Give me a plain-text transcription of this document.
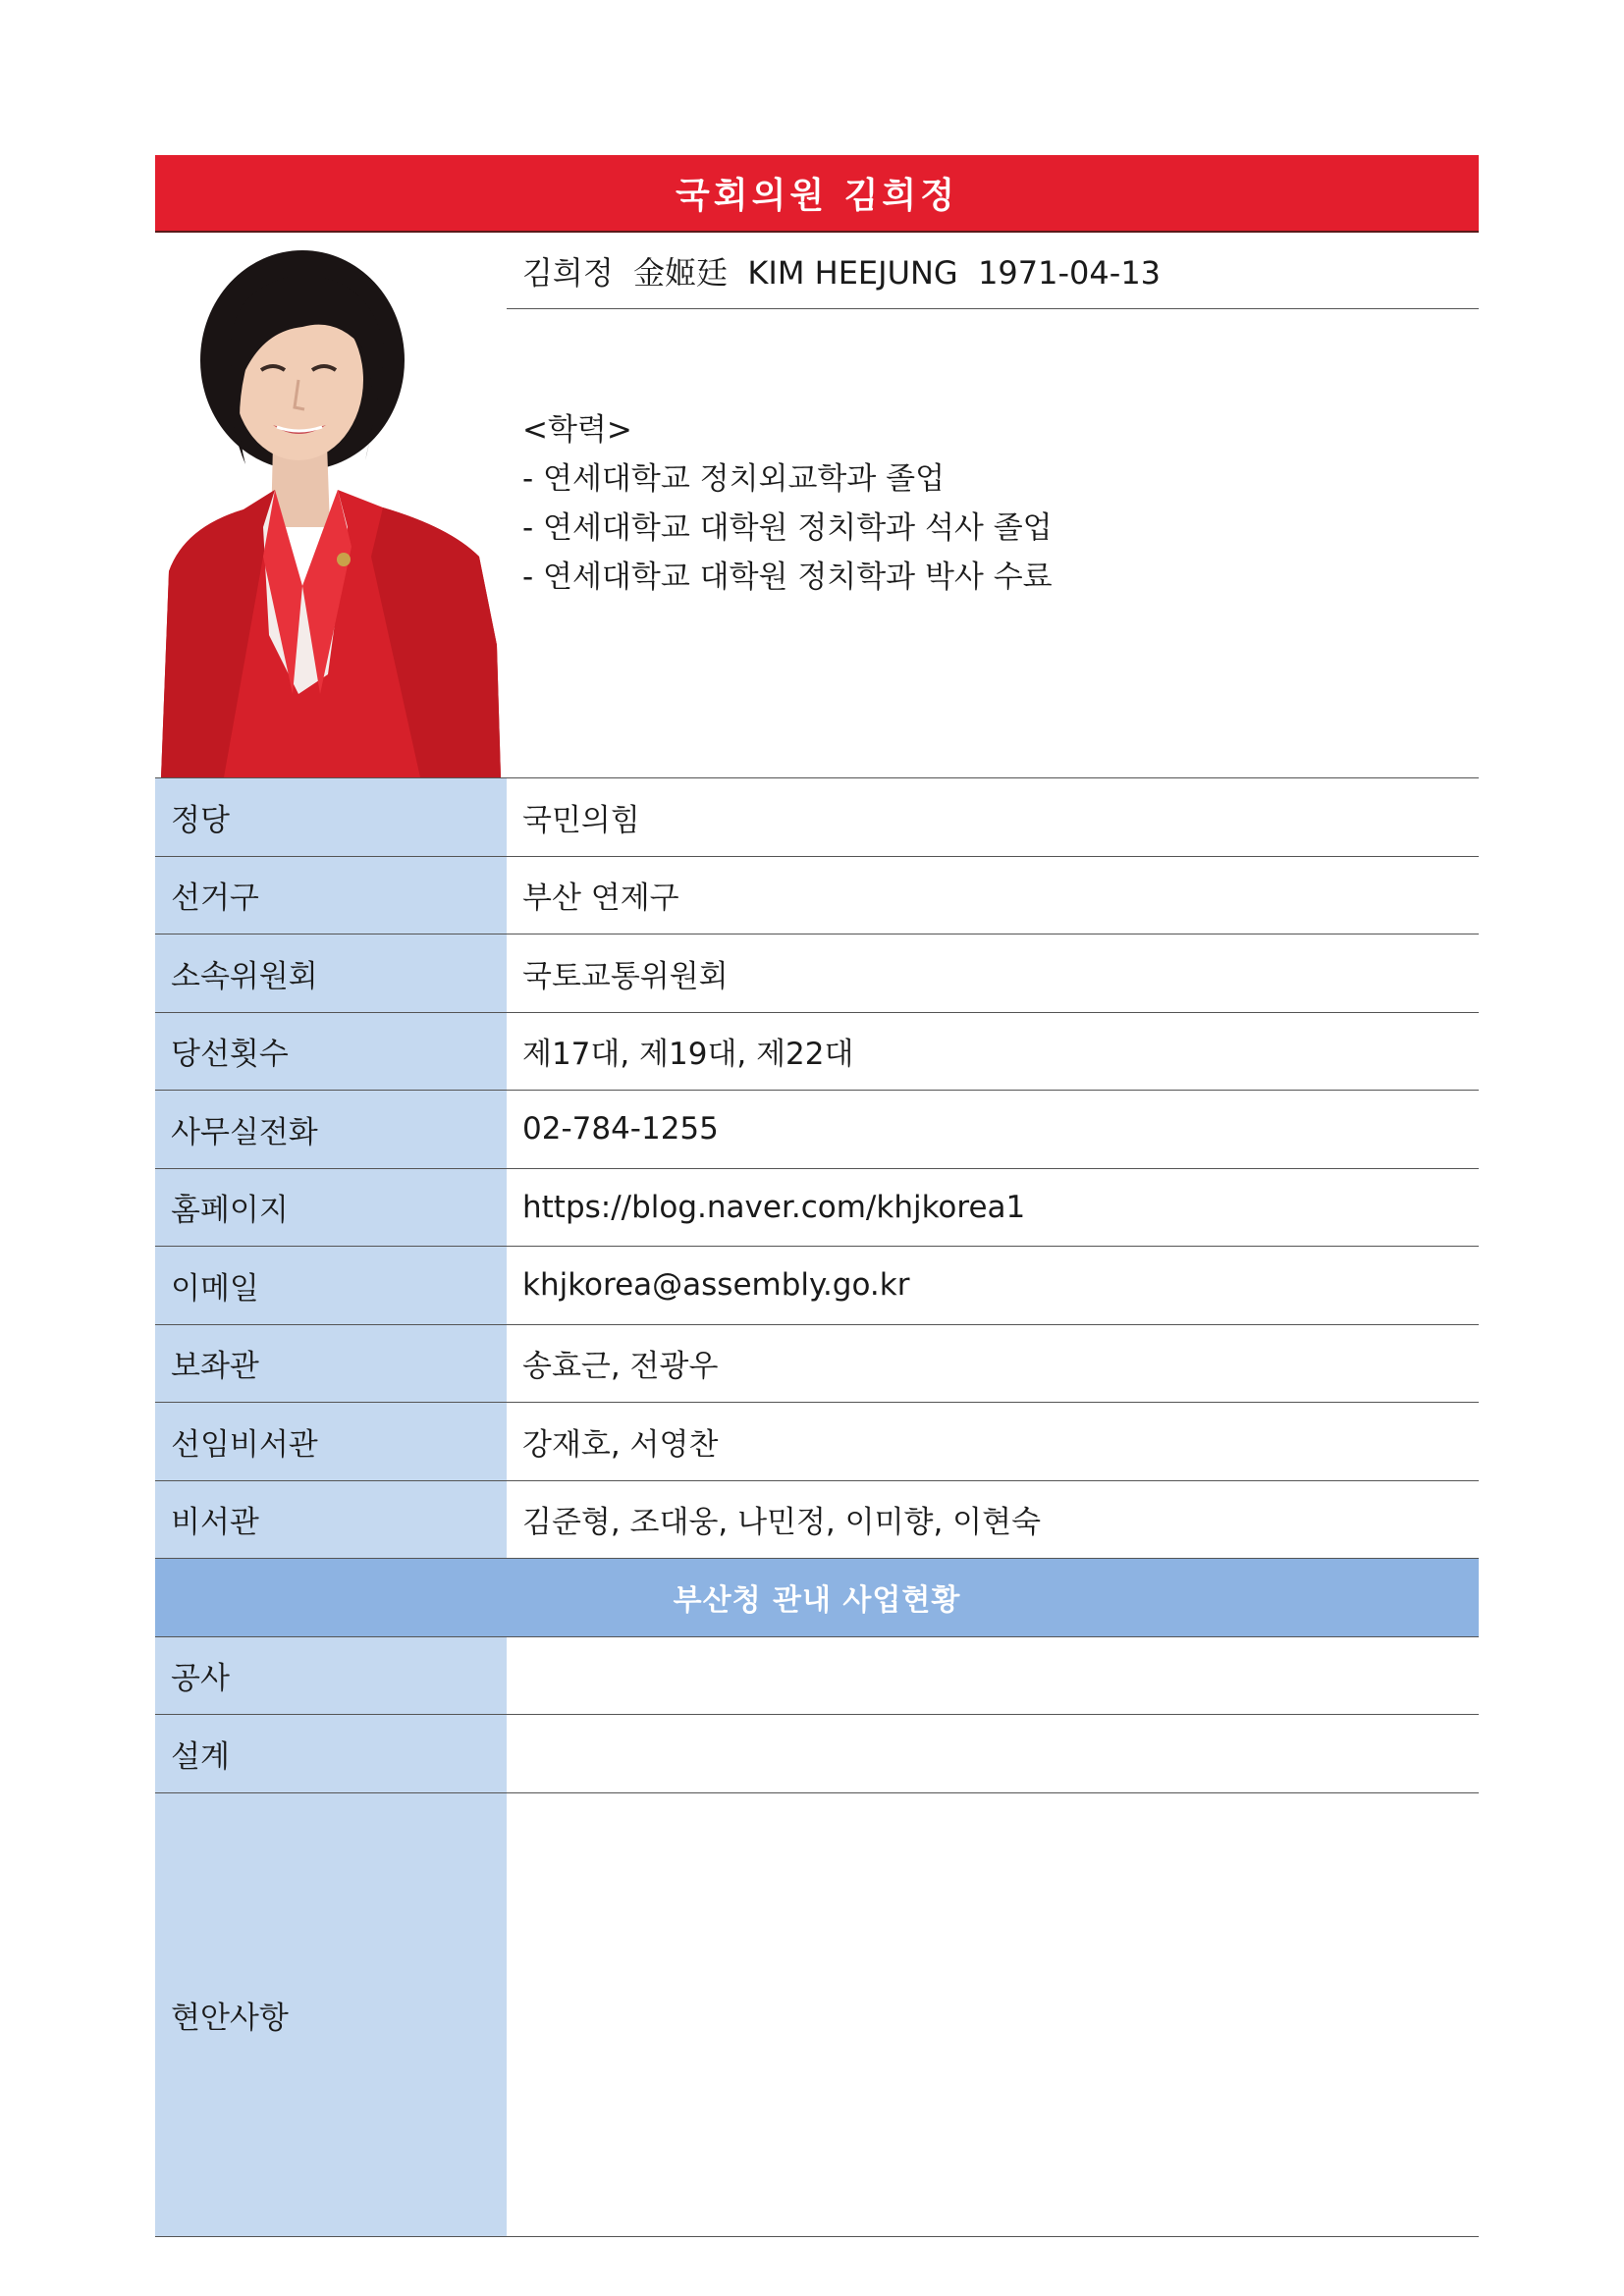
국회의원 김희정
김희정  金姬廷  KIM HEEJUNG  1971-04-13
<학력>
- 연세대학교 정치외교학과 졸업
- 연세대학교 대학원 정치학과 석사 졸업
- 연세대학교 대학원 정치학과 박사 수료
정당	국민의힘
선거구	부산 연제구
소속위원회	국토교통위원회
당선횟수	제17대, 제19대, 제22대
사무실전화	02-784-1255
홈페이지	https://blog.naver.com/khjkorea1
이메일	khjkorea@assembly.go.kr
보좌관	송효근, 전광우
선임비서관	강재호, 서영찬
비서관	김준형, 조대웅, 나민정, 이미향, 이현숙
부산청 관내 사업현황
공사
설계
현안사항
